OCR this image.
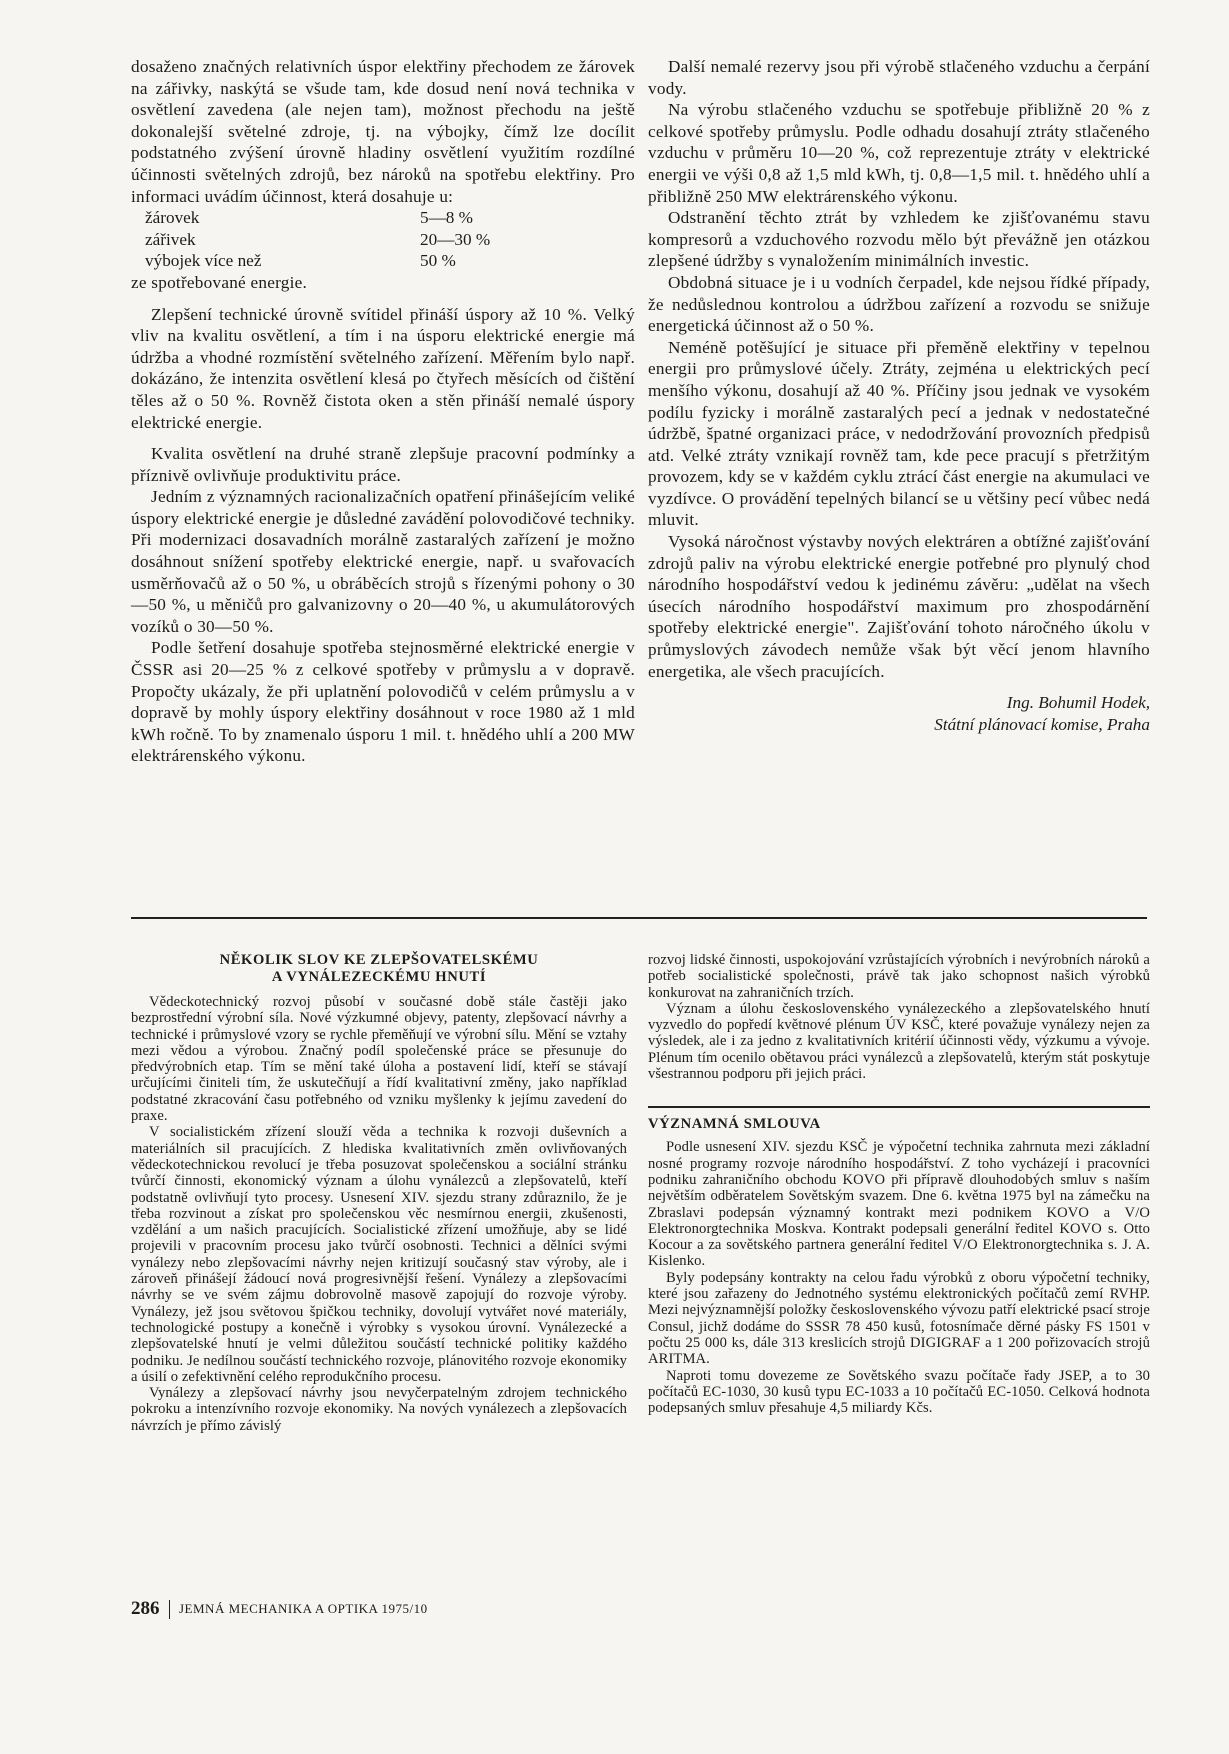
dosaženo značných relativních úspor elektřiny přechodem ze žárovek na zářivky, naskýtá se všude tam, kde dosud není nová technika v osvětlení zavedena (ale nejen tam), možnost přechodu na ještě dokonalejší světelné zdroje, tj. na výbojky, čímž lze docílit podstatného zvýšení úrovně hladiny osvětlení využitím rozdílné účinnosti světelných zdrojů, bez nároků na spotřebu elektřiny. Pro informaci uvádím účinnost, která dosahuje u:

žárovek	5—8 %
zářivek	20—30 %
výbojek více než	50 %

ze spotřebované energie.

Zlepšení technické úrovně svítidel přináší úspory až 10 %. Velký vliv na kvalitu osvětlení, a tím i na úsporu elektrické energie má údržba a vhodné rozmístění světelného zařízení. Měřením bylo např. dokázáno, že intenzita osvětlení klesá po čtyřech měsících od čištění těles až o 50 %. Rovněž čistota oken a stěn přináší nemalé úspory elektrické energie.

Kvalita osvětlení na druhé straně zlepšuje pracovní podmínky a příznivě ovlivňuje produktivitu práce.

Jedním z významných racionalizačních opatření přinášejícím veliké úspory elektrické energie je důsledné zavádění polovodičové techniky. Při modernizaci dosavadních morálně zastaralých zařízení je možno dosáhnout snížení spotřeby elektrické energie, např. u svařovacích usměrňovačů až o 50 %, u obráběcích strojů s řízenými pohony o 30—50 %, u měničů pro galvanizovny o 20—40 %, u akumulátorových vozíků o 30—50 %.

Podle šetření dosahuje spotřeba stejnosměrné elektrické energie v ČSSR asi 20—25 % z celkové spotřeby v průmyslu a v dopravě. Propočty ukázaly, že při uplatnění polovodičů v celém průmyslu a v dopravě by mohly úspory elektřiny dosáhnout v roce 1980 až 1 mld kWh ročně. To by znamenalo úsporu 1 mil. t. hnědého uhlí a 200 MW elektrárenského výkonu.

Další nemalé rezervy jsou při výrobě stlačeného vzduchu a čerpání vody.

Na výrobu stlačeného vzduchu se spotřebuje přibližně 20 % z celkové spotřeby průmyslu. Podle odhadu dosahují ztráty stlačeného vzduchu v průměru 10—20 %, což reprezentuje ztráty v elektrické energii ve výši 0,8 až 1,5 mld kWh, tj. 0,8—1,5 mil. t. hnědého uhlí a přibližně 250 MW elektrárenského výkonu.

Odstranění těchto ztrát by vzhledem ke zjišťovanému stavu kompresorů a vzduchového rozvodu mělo být převážně jen otázkou zlepšené údržby s vynaložením minimálních investic.

Obdobná situace je i u vodních čerpadel, kde nejsou řídké případy, že nedůslednou kontrolou a údržbou zařízení a rozvodu se snižuje energetická účinnost až o 50 %.

Neméně potěšující je situace při přeměně elektřiny v tepelnou energii pro průmyslové účely. Ztráty, zejména u elektrických pecí menšího výkonu, dosahují až 40 %. Příčiny jsou jednak ve vysokém podílu fyzicky i morálně zastaralých pecí a jednak v nedostatečné údržbě, špatné organizaci práce, v nedodržování provozních předpisů atd. Velké ztráty vznikají rovněž tam, kde pece pracují s přetržitým provozem, kdy se v každém cyklu ztrácí část energie na akumulaci ve vyzdívce. O provádění tepelných bilancí se u většiny pecí vůbec nedá mluvit.

Vysoká náročnost výstavby nových elektráren a obtížné zajišťování zdrojů paliv na výrobu elektrické energie potřebné pro plynulý chod národního hospodářství vedou k jedinému závěru: „udělat na všech úsecích národního hospodářství maximum pro zhospodárnění spotřeby elektrické energie". Zajišťování tohoto náročného úkolu v průmyslových závodech nemůže však být věcí jenom hlavního energetika, ale všech pracujících.

Ing. Bohumil Hodek,
Státní plánovací komise, Praha
NĚKOLIK SLOV KE ZLEPŠOVATELSKÉMU
A VYNÁLEZECKÉMU HNUTÍ

Vědeckotechnický rozvoj působí v současné době stále častěji jako bezprostřední výrobní síla. Nové výzkumné objevy, patenty, zlepšovací návrhy a technické i průmyslové vzory se rychle přeměňují ve výrobní sílu. Mění se vztahy mezi vědou a výrobou. Značný podíl společenské práce se přesunuje do předvýrobních etap. Tím se mění také úloha a postavení lidí, kteří se stávají určujícími činiteli tím, že uskutečňují a řídí kvalitativní změny, jako například podstatné zkracování času potřebného od vzniku myšlenky k jejímu zavedení do praxe.

V socialistickém zřízení slouží věda a technika k rozvoji duševních a materiálních sil pracujících. Z hlediska kvalitativních změn ovlivňovaných vědeckotechnickou revolucí je třeba posuzovat společenskou a sociální stránku tvůrčí činnosti, ekonomický význam a úlohu vynálezců a zlepšovatelů, kteří podstatně ovlivňují tyto procesy. Usnesení XIV. sjezdu strany zdůraznilo, že je třeba rozvinout a získat pro společenskou věc nesmírnou energii, zkušenosti, vzdělání a um našich pracujících. Socialistické zřízení umožňuje, aby se lidé projevili v pracovním procesu jako tvůrčí osobnosti. Technici a dělníci svými vynálezy nebo zlepšovacími návrhy nejen kritizují současný stav výroby, ale i zároveň přinášejí žádoucí nová progresivnější řešení. Vynálezy a zlepšovacími návrhy se ve svém zájmu dobrovolně masově zapojují do rozvoje výroby. Vynálezy, jež jsou světovou špičkou techniky, dovolují vytvářet nové materiály, technologické postupy a konečně i výrobky s vysokou úrovní. Vynálezecké a zlepšovatelské hnutí je velmi důležitou součástí technické politiky každého podniku. Je nedílnou součástí technického rozvoje, plánovitého rozvoje ekonomiky a úsilí o zefektivnění celého reprodukčního procesu.

Vynálezy a zlepšovací návrhy jsou nevyčerpatelným zdrojem technického pokroku a intenzívního rozvoje ekonomiky. Na nových vynálezech a zlepšovacích návrzích je přímo závislý

rozvoj lidské činnosti, uspokojování vzrůstajících výrobních i nevýrobních nároků a potřeb socialistické společnosti, právě tak jako schopnost našich výrobků konkurovat na zahraničních trzích.

Význam a úlohu československého vynálezeckého a zlepšovatelského hnutí vyzvedlo do popředí květnové plénum ÚV KSČ, které považuje vynálezy nejen za výsledek, ale i za jedno z kvalitativních kritérií účinnosti vědy, výzkumu a vývoje. Plénum tím ocenilo obětavou práci vynálezců a zlepšovatelů, kterým stát poskytuje všestrannou podporu při jejich práci.

VÝZNAMNÁ SMLOUVA

Podle usnesení XIV. sjezdu KSČ je výpočetní technika zahrnuta mezi základní nosné programy rozvoje národního hospodářství. Z toho vycházejí i pracovníci podniku zahraničního obchodu KOVO při přípravě dlouhodobých smluv s naším největším odběratelem Sovětským svazem. Dne 6. května 1975 byl na zámečku na Zbraslavi podepsán významný kontrakt mezi podnikem KOVO a V/O Elektronorgtechnika Moskva. Kontrakt podepsali generální ředitel KOVO s. Otto Kocour a za sovětského partnera generální ředitel V/O Elektronorgtechnika s. J. A. Kislenko.

Byly podepsány kontrakty na celou řadu výrobků z oboru výpočetní techniky, které jsou zařazeny do Jednotného systému elektronických počítačů zemí RVHP. Mezi nejvýznamnější položky československého vývozu patří elektrické psací stroje Consul, jichž dodáme do SSSR 78 450 kusů, fotosnímače děrné pásky FS 1501 v počtu 25 000 ks, dále 313 kreslicích strojů DIGIGRAF a 1 200 pořizovacích strojů ARITMA.

Naproti tomu dovezeme ze Sovětského svazu počítače řady JSEP, a to 30 počítačů EC-1030, 30 kusů typu EC-1033 a 10 počítačů EC-1050. Celková hodnota podepsaných smluv přesahuje 4,5 miliardy Kčs.

286 JEMNÁ MECHANIKA A OPTIKA 1975/10
